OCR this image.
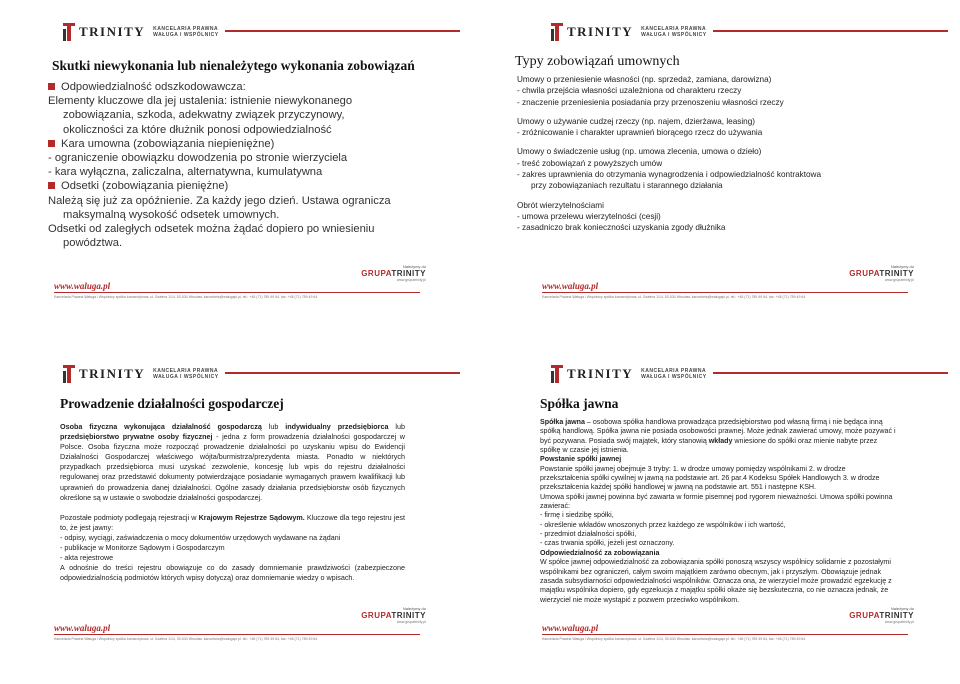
TRINITY KANCELARIA PRAWNA
WAŁUGA I WSPÓLNICY
Skutki niewykonania lub nienależytego wykonania zobowiązań

Odpowiedzialność odszkodowawcza:

Elementy kluczowe dla jej ustalenia: istnienie niewykonanego

zobowiązania, szkoda, adekwatny związek przyczynowy,

okoliczności za które dłużnik ponosi odpowiedzialność

Kara umowna (zobowiązania niepieniężne)

- ograniczenie obowiązku dowodzenia po stronie wierzyciela

- kara wyłączna, zaliczalna, alternatywna, kumulatywna

Odsetki (zobowiązania pieniężne)

Należą się już za opóźnienie. Za każdy jego dzień. Ustawa ogranicza

maksymalną wysokość odsetek umownych.

Odsetki od zaległych odsetek można żądać dopiero po wniesieniu

powództwa.

www.waluga.pl
Kancelaria Prawna Waługa i Wspólnicy spółka komandytowa, ul. Szafera 1/14, 53-534 Wrocław, kancelaria@walugapl.pl, tel.: +48 (71) 789 49 64, fax: +48 (71) 789 49 64
Należymy do
GRUPATRINITY
www.grupatrinity.pl
TRINITY KANCELARIA PRAWNA
WAŁUGA I WSPÓLNICY
Typy zobowiązań umownych

Umowy o przeniesienie własności (np. sprzedaż, zamiana, darowizna)

- chwila przejścia własności uzależniona od charakteru rzeczy

- znaczenie przeniesienia posiadania przy przenoszeniu własności rzeczy

Umowy o używanie cudzej rzeczy (np. najem, dzierżawa, leasing)

- zróżnicowanie i charakter uprawnień biorącego rzecz do używania

Umowy o świadczenie usług (np. umowa zlecenia, umowa o dzieło)

- treść zobowiązań z powyższych umów

- zakres uprawnienia do otrzymania wynagrodzenia i odpowiedzialność kontraktowa

przy zobowiązaniach rezultatu i starannego działania

Obrót wierzytelnościami

- umowa przelewu wierzytelności (cesji)

- zasadniczo brak konieczności uzyskania zgody dłużnika

www.waluga.pl
Kancelaria Prawna Waługa i Wspólnicy spółka komandytowa, ul. Szafera 1/14, 53-534 Wrocław, kancelaria@walugapl.pl, tel.: +48 (71) 789 49 64, fax: +48 (71) 789 49 64
Należymy do
GRUPATRINITY
www.grupatrinity.pl
TRINITY KANCELARIA PRAWNA
WAŁUGA I WSPÓLNICY
Prowadzenie działalności gospodarczej

Osoba fizyczna wykonująca działalność gospodarczą lub indywidualny przedsiębiorca lub przedsiębiorstwo prywatne osoby fizycznej - jedna z form prowadzenia działalności gospodarczej w Polsce. Osoba fizyczna może rozpocząć prowadzenie działalności po uzyskaniu wpisu do Ewidencji Działalności Gospodarczej właściwego wójta/burmistrza/prezydenta miasta. Ponadto w niektórych przypadkach przedsiębiorca musi uzyskać zezwolenie, koncesję lub wpis do rejestru działalności regulowanej oraz przedstawić dokumenty potwierdzające posiadanie wymaganych prawem kwalifikacji lub uprawnień do prowadzenia danej działalności. Ogólne zasady działania przedsiębiorstw osób fizycznych określone są w ustawie o swobodzie działalności gospodarczej.

Pozostałe podmioty podlegają rejestracji w Krajowym Rejestrze Sądowym. Kluczowe dla tego rejestru jest to, że jest jawny:

- odpisy, wyciągi, zaświadczenia o mocy dokumentów urzędowych wydawane na żądani

- publikacje w Monitorze Sądowym i Gospodarczym

- akta rejestrowe

A odnośnie do treści rejestru obowiązuje co do zasady domniemanie prawdziwości (zabezpieczone odpowiedzialnością podmiotów których wpisy dotyczą) oraz domniemanie wiedzy o wpisach.

www.waluga.pl
Kancelaria Prawna Waługa i Wspólnicy spółka komandytowa, ul. Szafera 1/14, 53-534 Wrocław, kancelaria@walugapl.pl, tel.: +48 (71) 789 49 64, fax: +48 (71) 789 49 64
Należymy do
GRUPATRINITY
www.grupatrinity.pl
TRINITY KANCELARIA PRAWNA
WAŁUGA I WSPÓLNICY
Spółka jawna

Spółka jawna – osobowa spółka handlowa prowadząca przedsiębiorstwo pod własną firmą i nie będąca inną spółką handlową. Spółka jawna nie posiada osobowości prawnej. Może jednak zawierać umowy, może pozywać i być pozywana. Posiada swój majątek, który stanowią wkłady wniesione do spółki oraz mienie nabyte przez spółkę w czasie jej istnienia.

Powstanie spółki jawnej

Powstanie spółki jawnej obejmuje 3 tryby: 1. w drodze umowy pomiędzy wspólnikami 2. w drodze przekształcenia spółki cywilnej w jawną na podstawie art. 26 par.4 Kodeksu Spółek Handlowych 3. w drodze przekształcenia każdej spółki handlowej w jawną na podstawie art. 551 i następne KSH.

Umowa spółki jawnej powinna być zawarta w formie pisemnej pod rygorem nieważności. Umowa spółki powinna zawierać:

- firmę i siedzibę spółki,

- określenie wkładów wnoszonych przez każdego ze wspólników i ich wartość,

- przedmiot działalności spółki,

- czas trwania spółki, jeżeli jest oznaczony.

Odpowiedzialność za zobowiązania

W spółce jawnej odpowiedzialność za zobowiązania spółki ponoszą wszyscy wspólnicy solidarnie z pozostałymi wspólnikami bez ograniczeń, całym swoim majątkiem zarówno obecnym, jak i przyszłym. Obowiązuje jednak zasada subsydiarności odpowiedzialności wspólników. Oznacza ona, że wierzyciel może prowadzić egzekucję z majątku wspólnika dopiero, gdy egzekucja z majątku spółki okaże się bezskuteczna, co nie oznacza jednak, że wierzyciel nie może wystąpić z pozwem przeciwko wspólnikom.

www.waluga.pl
Kancelaria Prawna Waługa i Wspólnicy spółka komandytowa, ul. Szafera 1/14, 53-534 Wrocław, kancelaria@walugapl.pl, tel.: +48 (71) 789 49 64, fax: +48 (71) 789 49 64
Należymy do
GRUPATRINITY
www.grupatrinity.pl
